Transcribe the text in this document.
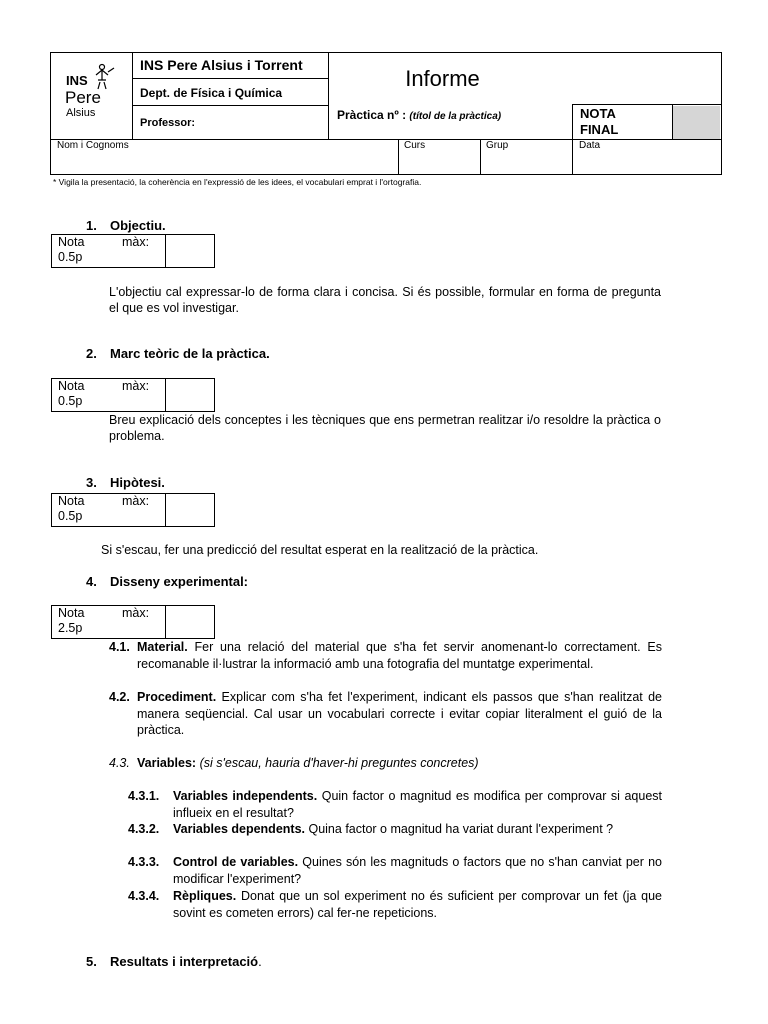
INS
Pere
Alsius
INS Pere Alsius i Torrent
Dept. de Física i Química
Professor:
Informe
Pràctica nº : (títol de la pràctica)	NOTA
FINAL
Nom i Cognoms	Curs	Grup	Data
* Vigila la presentació, la coherència en l'expressió de les idees, el vocabulari emprat i l'ortografia.
1. Objectiu.
Nota	màx:

0.5p
L'objectiu cal expressar-lo de forma clara i concisa. Si és possible, formular en forma de pregunta el que es vol investigar.
2. Marc teòric de la pràctica.
Nota	màx:

0.5p
Breu explicació dels conceptes i les tècniques que ens permetran realitzar i/o resoldre la pràctica o problema.
3. Hipòtesi.
Nota	màx:

0.5p
Si s'escau, fer una predicció del resultat esperat en la realització de la pràctica.
4. Disseny experimental:
Nota	màx:

2.5p
4.1. Material. Fer una relació del material que s'ha fet servir anomenant-lo correctament. Es recomanable il·lustrar la informació amb una fotografia del muntatge experimental.
4.2. Procediment. Explicar com s'ha fet l'experiment, indicant els passos que s'han realitzat de manera seqüencial. Cal usar un vocabulari correcte i evitar copiar literalment el guió de la pràctica.
4.3. Variables: (si s'escau, hauria d'haver-hi preguntes concretes)
4.3.1. Variables independents. Quin factor o magnitud es modifica per comprovar si aquest influeix en el resultat?
4.3.2. Variables dependents. Quina factor o magnitud ha variat durant l'experiment ?
4.3.3. Control de variables. Quines són les magnituds o factors que no s'han canviat per no modificar l'experiment?
4.3.4. Rèpliques. Donat que un sol experiment no és suficient per comprovar un fet (ja que sovint es cometen errors) cal fer-ne repeticions.
5. Resultats i interpretació.
